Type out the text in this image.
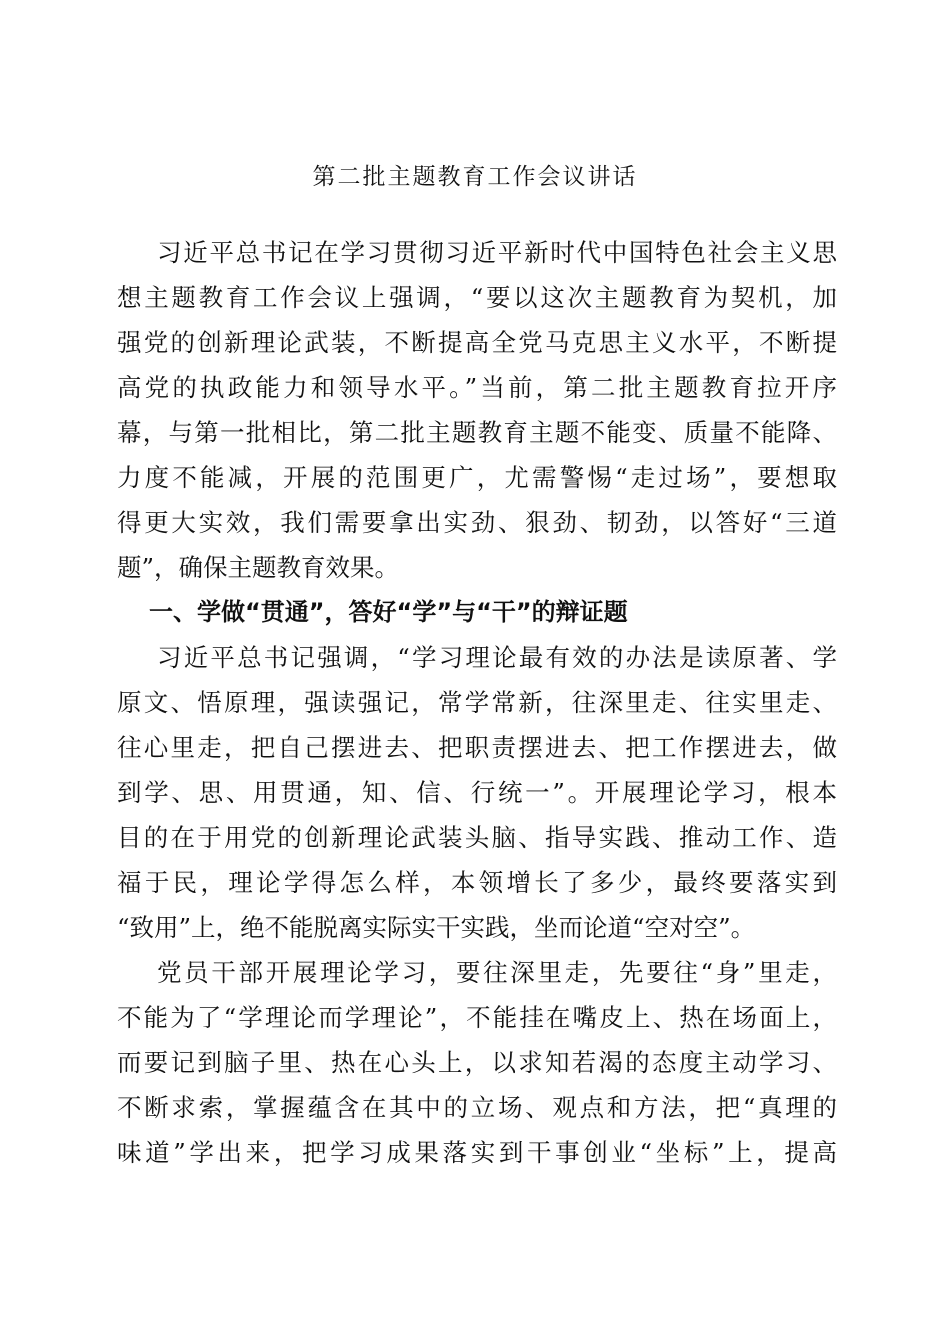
第二批主题教育工作会议讲话
习近平总书记在学习贯彻习近平新时代中国特色社会主义思
想主题教育工作会议上强调，“要以这次主题教育为契机，加
强党的创新理论武装，不断提高全党马克思主义水平，不断提
高党的执政能力和领导水平。”当前，第二批主题教育拉开序
幕，与第一批相比，第二批主题教育主题不能变、质量不能降、
力度不能减，开展的范围更广，尤需警惕“走过场”，要想取
得更大实效，我们需要拿出实劲、狠劲、韧劲，以答好“三道
题”，确保主题教育效果。
一、学做“贯通”，答好“学”与“干”的辩证题
习近平总书记强调，“学习理论最有效的办法是读原著、学
原文、悟原理，强读强记，常学常新，往深里走、往实里走、
往心里走，把自己摆进去、把职责摆进去、把工作摆进去，做
到学、思、用贯通，知、信、行统一”。开展理论学习，根本
目的在于用党的创新理论武装头脑、指导实践、推动工作、造
福于民，理论学得怎么样，本领增长了多少，最终要落实到
“致用”上，绝不能脱离实际实干实践，坐而论道“空对空”。
党员干部开展理论学习，要往深里走，先要往“身”里走，
不能为了“学理论而学理论”，不能挂在嘴皮上、热在场面上，
而要记到脑子里、热在心头上，以求知若渴的态度主动学习、
不断求索，掌握蕴含在其中的立场、观点和方法，把“真理的
味道”学出来，把学习成果落实到干事创业“坐标”上，提高
